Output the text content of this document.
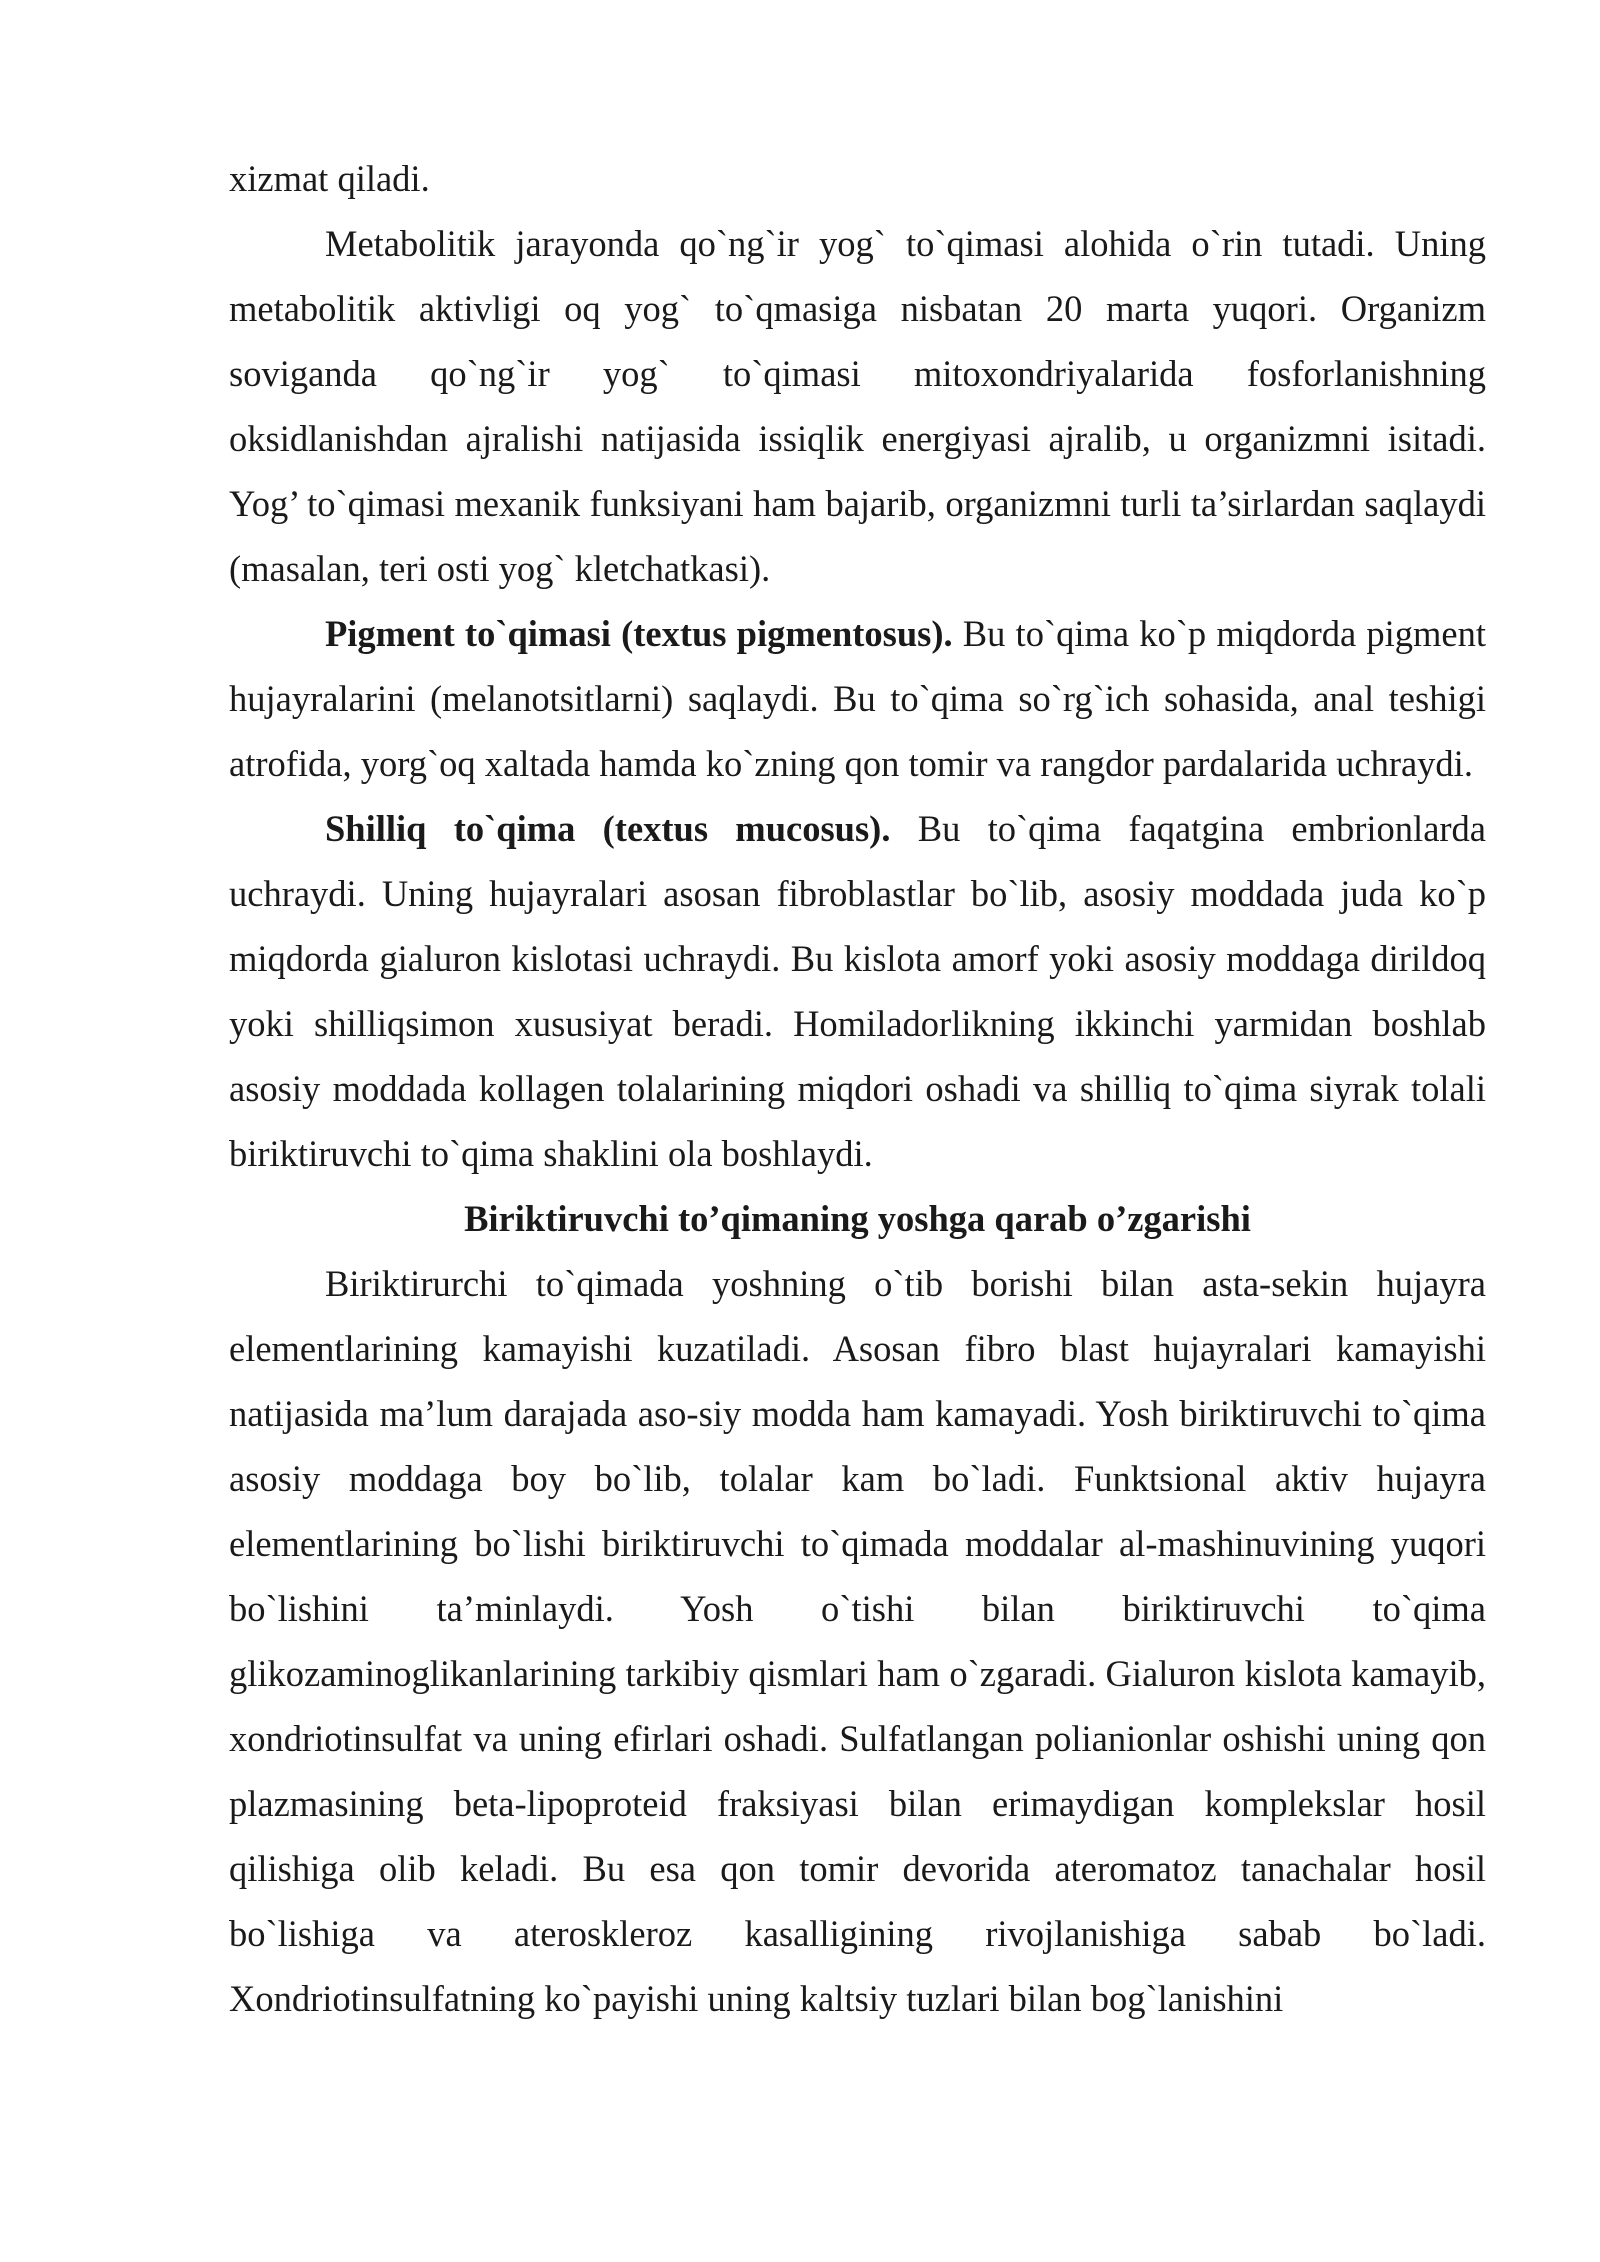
xizmat qiladi.

Metabolitik jarayonda qo`ng`ir yog` to`qimasi alohida o`rin tutadi. Uning metabolitik aktivligi oq yog` to`qmasiga nisbatan 20 marta yuqori. Organizm soviganda qo`ng`ir yog` to`qimasi mitoxondriyalarida fosforlanishning oksidlanishdan ajralishi natijasida issiqlik energiyasi ajralib, u organizmni isitadi. Yog’ to`qimasi mexanik funksiyani ham bajarib, organizmni turli ta’sirlardan saqlaydi (masalan, teri osti yog` kletchatkasi).

Pigment to`qimasi (textus pigmentosus). Bu to`qima ko`p miqdorda pigment hujayralarini (melanotsitlarni) saqlaydi. Bu to`qima so`rg`ich sohasida, anal teshigi atrofida, yorg`oq xaltada hamda ko`zning qon tomir va rangdor pardalarida uchraydi.

Shilliq to`qima (textus mucosus). Bu to`qima faqatgina embrionlarda uchraydi. Uning hujayralari asosan fibroblastlar bo`lib, asosiy moddada juda ko`p miqdorda gialuron kislotasi uchraydi. Bu kislota amorf yoki asosiy moddaga dirildoq yoki shilliqsimon xususiyat beradi. Homiladorlikning ikkinchi yarmidan boshlab asosiy moddada kollagen tolalarining miqdori oshadi va shilliq to`qima siyrak tolali biriktiruvchi to`qima shaklini ola boshlaydi.

Biriktiruvchi to’qimaning yoshga qarab o’zgarishi

Biriktirurchi to`qimada yoshning o`tib borishi bilan asta-sekin hujayra elementlarining kamayishi kuzatiladi. Asosan fibro blast hujayralari kamayishi natijasida ma’lum darajada aso-siy modda ham kamayadi. Yosh biriktiruvchi to`qima asosiy moddaga boy bo`lib, tolalar kam bo`ladi. Funktsional aktiv hujayra elementlarining bo`lishi biriktiruvchi to`qimada moddalar al-mashinuvining yuqori bo`lishini ta’minlaydi. Yosh o`tishi bilan biriktiruvchi to`qima glikozaminoglikanlarining tarkibiy qismlari ham o`zgaradi. Gialuron kislota kamayib, xondriotinsulfat va uning efirlari oshadi. Sulfatlangan polianionlar oshishi uning qon plazmasining beta-lipoproteid fraksiyasi bilan erimaydigan komplekslar hosil qilishiga olib keladi. Bu esa qon tomir devorida ateromatoz tanachalar hosil bo`lishiga va ateroskleroz kasalligining rivojlanishiga sabab bo`ladi. Xondriotinsulfatning ko`payishi uning kaltsiy tuzlari bilan bog`lanishini
